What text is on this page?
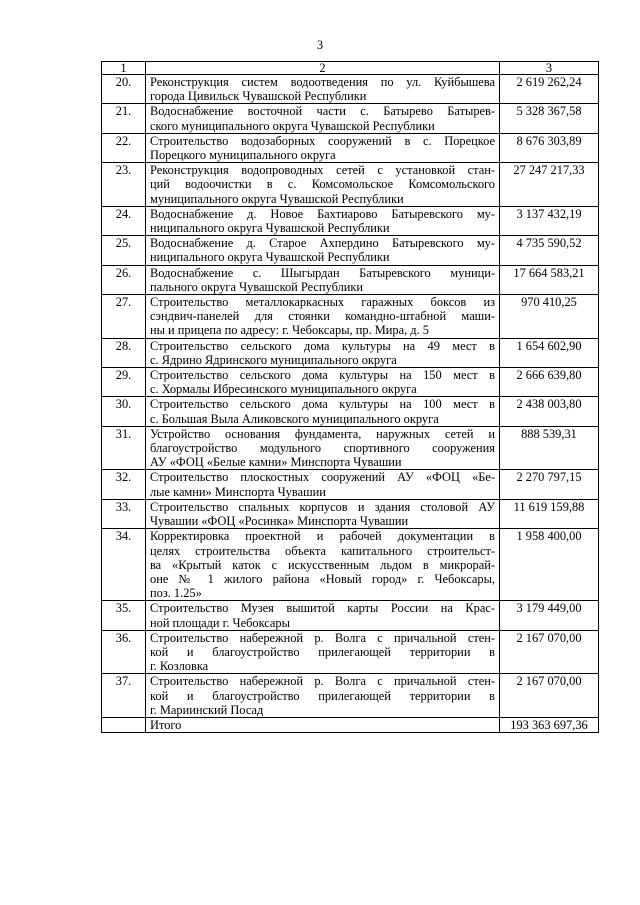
3
1	2	3
20.	Реконструкция систем водоотведения по ул. Куйбышева
города Цивильск Чувашской Республики	2 619 262,24
21.	Водоснабжение восточной части с. Батырево Батырев-
ского муниципального округа Чувашской Республики	5 328 367,58
22.	Строительство водозаборных сооружений в с. Порецкое
Порецкого муниципального округа	8 676 303,89
23.	Реконструкция водопроводных сетей с установкой стан-
ций водоочистки в с. Комсомольское Комсомольского
муниципального округа Чувашской Республики	27 247 217,33
24.	Водоснабжение д. Новое Бахтиарово Батыревского му-
ниципального округа Чувашской Республики	3 137 432,19
25.	Водоснабжение д. Старое Ахпердино Батыревского му-
ниципального округа Чувашской Республики	4 735 590,52
26.	Водоснабжение с. Шыгырдан Батыревского муници-
пального округа Чувашской Республики	17 664 583,21
27.	Строительство металлокаркасных гаражных боксов из
сэндвич-панелей для стоянки командно-штабной маши-
ны и прицепа по адресу: г. Чебоксары, пр. Мира, д. 5	970 410,25
28.	Строительство сельского дома культуры на 49 мест в
с. Ядрино Ядринского муниципального округа	1 654 602,90
29.	Строительство сельского дома культуры на 150 мест в
с. Хормалы Ибресинского муниципального округа	2 666 639,80
30.	Строительство сельского дома культуры на 100 мест в
с. Большая Выла Аликовского муниципального округа	2 438 003,80
31.	Устройство основания фундамента, наружных сетей и
благоустройство модульного спортивного сооружения
АУ «ФОЦ «Белые камни» Минспорта Чувашии	888 539,31
32.	Строительство плоскостных сооружений АУ «ФОЦ «Бе-
лые камни» Минспорта Чувашии	2 270 797,15
33.	Строительство спальных корпусов и здания столовой АУ
Чувашии «ФОЦ «Росинка» Минспорта Чувашии	11 619 159,88
34.	Корректировка проектной и рабочей документации в
целях строительства объекта капитального строительст-
ва «Крытый каток с искусственным льдом в микрорай-
оне № 1 жилого района «Новый город» г. Чебоксары,
поз. 1.25»	1 958 400,00
35.	Строительство Музея вышитой карты России на Крас-
ной площади г. Чебоксары	3 179 449,00
36.	Строительство набережной р. Волга с причальной стен-
кой и благоустройство прилегающей территории в
г. Козловка	2 167 070,00
37.	Строительство набережной р. Волга с причальной стен-
кой и благоустройство прилегающей территории в
г. Мариинский Посад	2 167 070,00
	Итого	193 363 697,36
